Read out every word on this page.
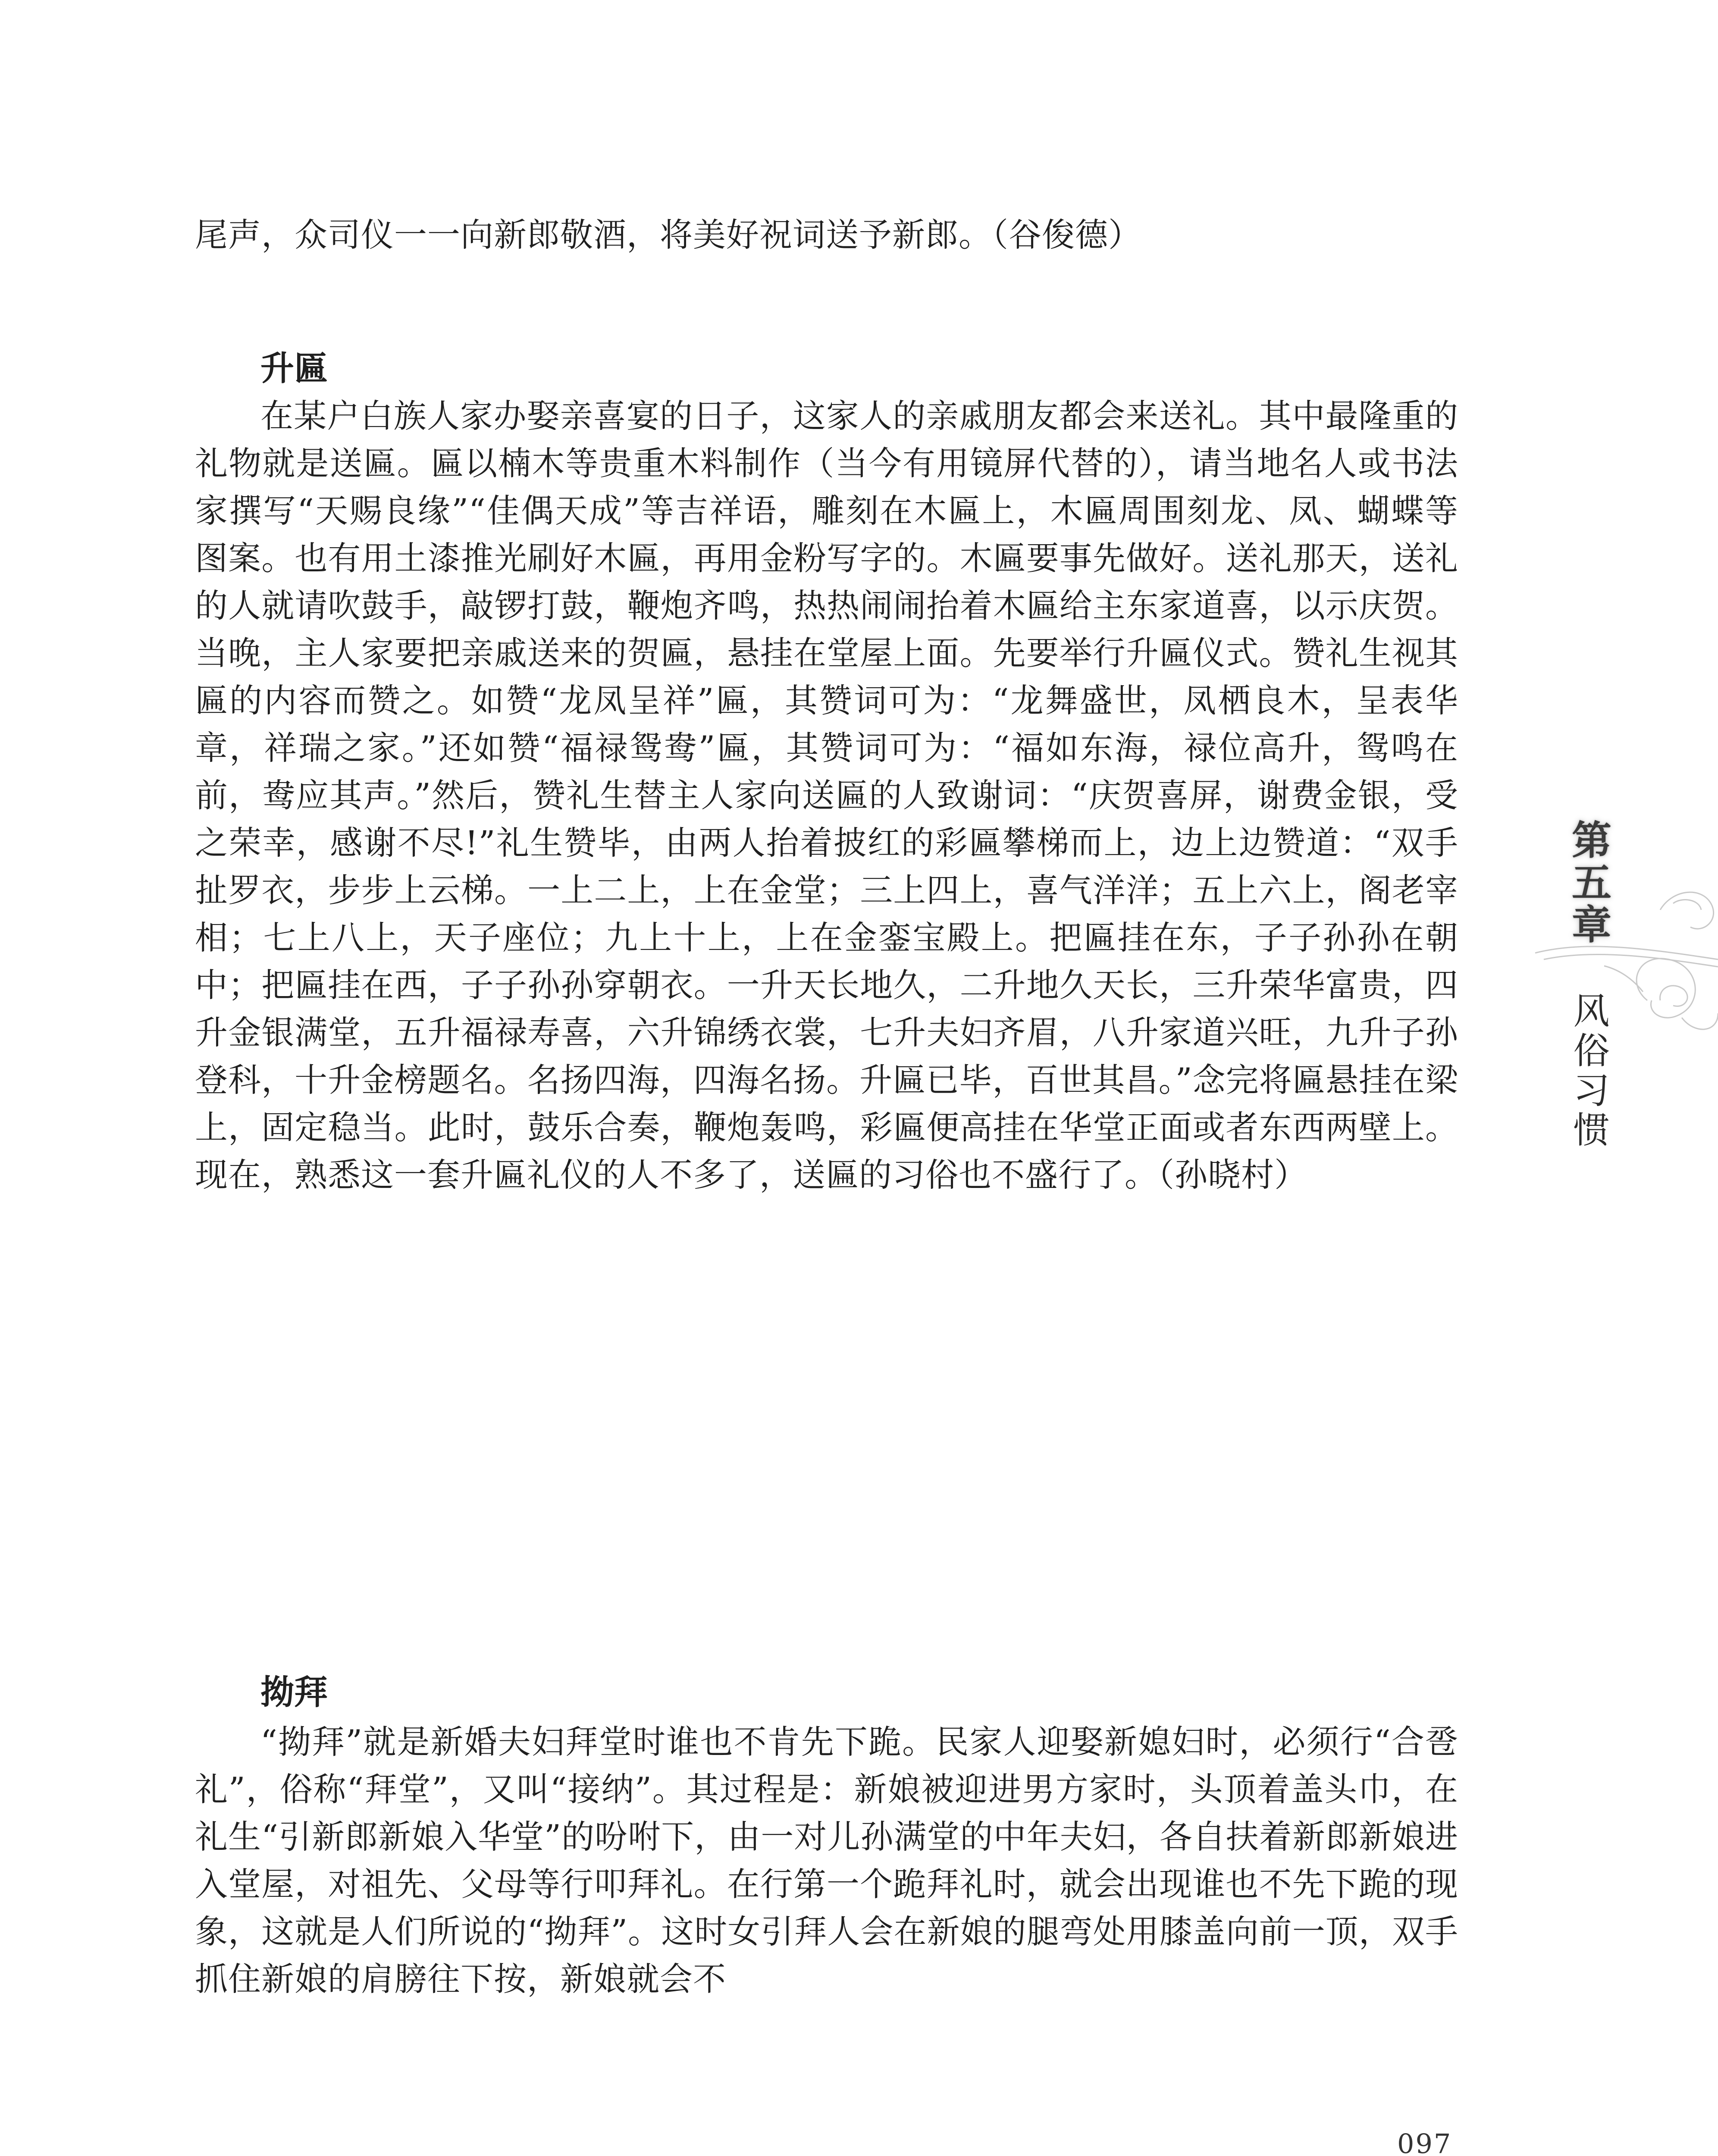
尾声，众司仪一一向新郎敬酒，将美好祝词送予新郎。（谷俊德）

升匾

在某户白族人家办娶亲喜宴的日子，这家人的亲戚朋友都会来送礼。其中最隆重的礼物就是送匾。匾以楠木等贵重木料制作（当今有用镜屏代替的），请当地名人或书法家撰写“天赐良缘”“佳偶天成”等吉祥语，雕刻在木匾上，木匾周围刻龙、凤、蝴蝶等图案。也有用土漆推光刷好木匾，再用金粉写字的。木匾要事先做好。送礼那天，送礼的人就请吹鼓手，敲锣打鼓，鞭炮齐鸣，热热闹闹抬着木匾给主东家道喜，以示庆贺。当晚，主人家要把亲戚送来的贺匾，悬挂在堂屋上面。先要举行升匾仪式。赞礼生视其匾的内容而赞之。如赞“龙凤呈祥”匾，其赞词可为：“龙舞盛世，凤栖良木，呈表华章，祥瑞之家。”还如赞“福禄鸳鸯”匾，其赞词可为：“福如东海，禄位高升，鸳鸣在前，鸯应其声。”然后，赞礼生替主人家向送匾的人致谢词：“庆贺喜屏，谢费金银，受之荣幸，感谢不尽!”礼生赞毕，由两人抬着披红的彩匾攀梯而上，边上边赞道：“双手扯罗衣，步步上云梯。一上二上，上在金堂；三上四上，喜气洋洋；五上六上，阁老宰相；七上八上，天子座位；九上十上，上在金銮宝殿上。把匾挂在东，子子孙孙在朝中；把匾挂在西，子子孙孙穿朝衣。一升天长地久，二升地久天长，三升荣华富贵，四升金银满堂，五升福禄寿喜，六升锦绣衣裳，七升夫妇齐眉，八升家道兴旺，九升子孙登科，十升金榜题名。名扬四海，四海名扬。升匾已毕，百世其昌。”念完将匾悬挂在梁上，固定稳当。此时，鼓乐合奏，鞭炮轰鸣，彩匾便高挂在华堂正面或者东西两壁上。现在，熟悉这一套升匾礼仪的人不多了，送匾的习俗也不盛行了。（孙晓村）

拗拜

“拗拜”就是新婚夫妇拜堂时谁也不肯先下跪。民家人迎娶新媳妇时，必须行“合卺礼”，俗称“拜堂”，又叫“接纳”。其过程是：新娘被迎进男方家时，头顶着盖头巾，在礼生“引新郎新娘入华堂”的吩咐下，由一对儿孙满堂的中年夫妇，各自扶着新郎新娘进入堂屋，对祖先、父母等行叩拜礼。在行第一个跪拜礼时，就会出现谁也不先下跪的现象，这就是人们所说的“拗拜”。这时女引拜人会在新娘的腿弯处用膝盖向前一顶，双手抓住新娘的肩膀往下按，新娘就会不

第五章
风俗习惯
097
